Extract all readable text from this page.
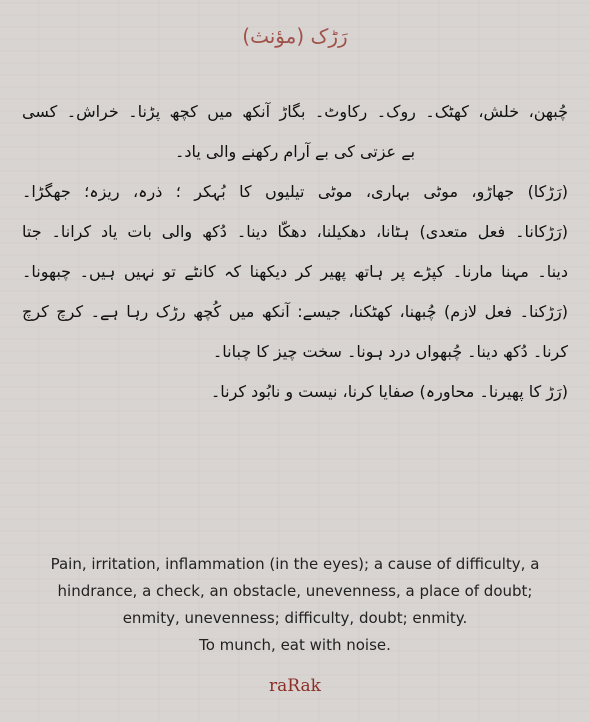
رَڑک (مؤنث)
چُبھن، خلش، کھٹک۔ روک۔ رکاوٹ۔ بگاڑ آنکھ میں کچھ پڑنا۔ خراش۔ کسی
بے عزتی کی بے آرام رکھنے والی یاد۔
(رَڑکا) جھاڑو، موٹی بہاری، موٹی تیلیوں کا بُہکر ؛ ذرہ، ریزہ؛ جھگڑا۔
(رَڑکانا۔ فعل متعدی) ہٹانا، دھکیلنا، دھکّا دینا۔ دُکھ والی بات یاد کرانا۔ جتا
دینا۔ مہنا مارنا۔ کپڑے پر ہاتھ پھیر کر دیکھنا کہ کانٹے تو نہیں ہیں۔ چبھونا۔
(رَڑکنا۔ فعل لازم) چُبھنا، کھٹکنا، جیسے: آنکھ میں کُچھ رڑک رہا ہے۔ کرچ کرچ
کرنا۔ دُکھ دینا۔ چُبھواں درد ہونا۔ سخت چیز کا چبانا۔
(رَڑ کا پھیرنا۔ محاورہ) صفایا کرنا، نیست و نابُود کرنا۔
Pain, irritation, inflammation (in the eyes); a cause of difficulty, a
hindrance, a check, an obstacle, unevenness, a place of doubt;
enmity, unevenness; difficulty, doubt; enmity.
To munch, eat with noise.
raRak
